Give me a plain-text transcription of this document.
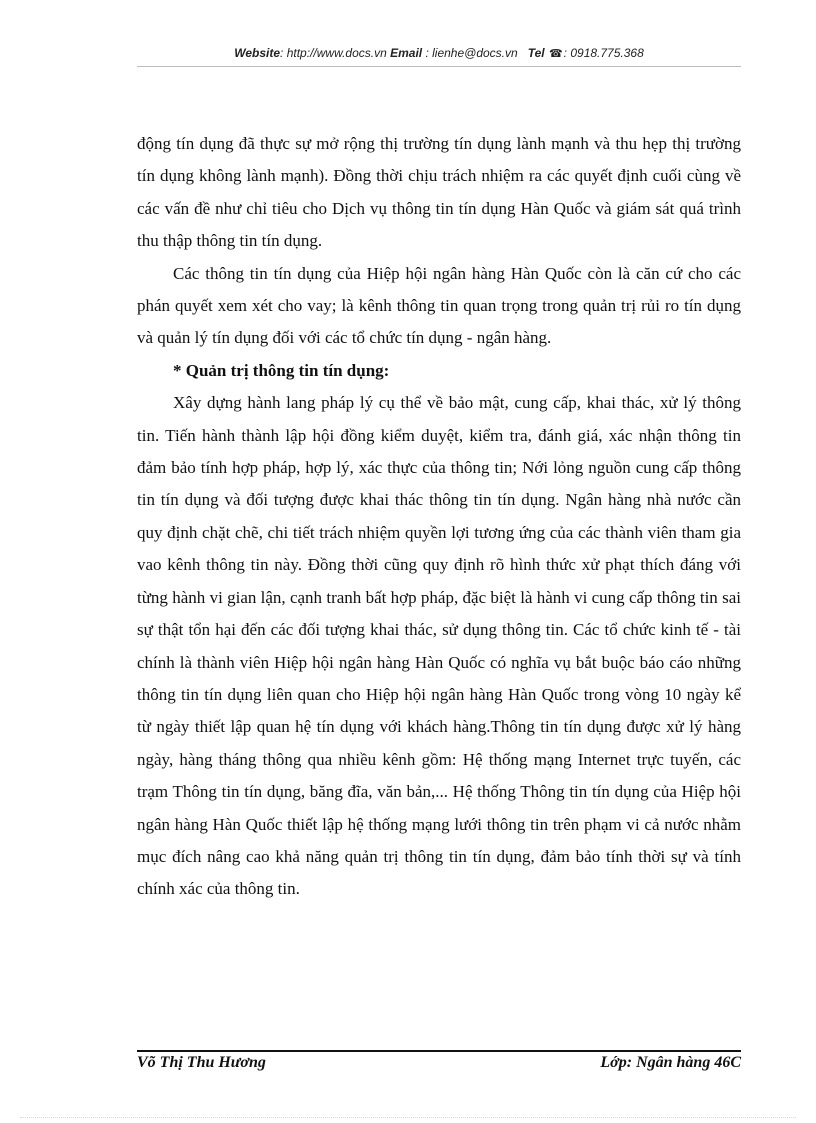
Website: http://www.docs.vn Email : lienhe@docs.vn Tel ☎: 0918.775.368

động tín dụng đã thực sự mở rộng thị trường tín dụng lành mạnh và thu hẹp thị trường tín dụng không lành mạnh). Đồng thời chịu trách nhiệm ra các quyết định cuối cùng về các vấn đề như chỉ tiêu cho Dịch vụ thông tin tín dụng Hàn Quốc và giám sát quá trình thu thập thông tin tín dụng.

Các thông tin tín dụng của Hiệp hội ngân hàng Hàn Quốc còn là căn cứ cho các phán quyết xem xét cho vay; là kênh thông tin quan trọng trong quản trị rủi ro tín dụng và quản lý tín dụng đối với các tổ chức tín dụng - ngân hàng.

* Quản trị thông tin tín dụng:

Xây dựng hành lang pháp lý cụ thể về bảo mật, cung cấp, khai thác, xử lý thông tin. Tiến hành thành lập hội đồng kiểm duyệt, kiểm tra, đánh giá, xác nhận thông tin đảm bảo tính hợp pháp, hợp lý, xác thực của thông tin; Nới lỏng nguồn cung cấp thông tin tín dụng và đối tượng được khai thác thông tin tín dụng. Ngân hàng nhà nước cần quy định chặt chẽ, chi tiết trách nhiệm quyền lợi tương ứng của các thành viên tham gia vao kênh thông tin này. Đồng thời cũng quy định rõ hình thức xử phạt thích đáng với từng hành vi gian lận, cạnh tranh bất hợp pháp, đặc biệt là hành vi cung cấp thông tin sai sự thật tổn hại đến các đối tượng khai thác, sử dụng thông tin. Các tổ chức kinh tế - tài chính là thành viên Hiệp hội ngân hàng Hàn Quốc có nghĩa vụ bắt buộc báo cáo những thông tin tín dụng liên quan cho Hiệp hội ngân hàng Hàn Quốc trong vòng 10 ngày kể từ ngày thiết lập quan hệ tín dụng với khách hàng.Thông tin tín dụng được xử lý hàng ngày, hàng tháng thông qua nhiều kênh gồm: Hệ thống mạng Internet trực tuyến, các trạm Thông tin tín dụng, băng đĩa, văn bản,... Hệ thống Thông tin tín dụng của Hiệp hội ngân hàng Hàn Quốc thiết lập hệ thống mạng lưới thông tin trên phạm vi cả nước nhằm mục đích nâng cao khả năng quản trị thông tin tín dụng, đảm bảo tính thời sự và tính chính xác của thông tin.

Võ Thị Thu Hương	Lớp: Ngân hàng 46C
